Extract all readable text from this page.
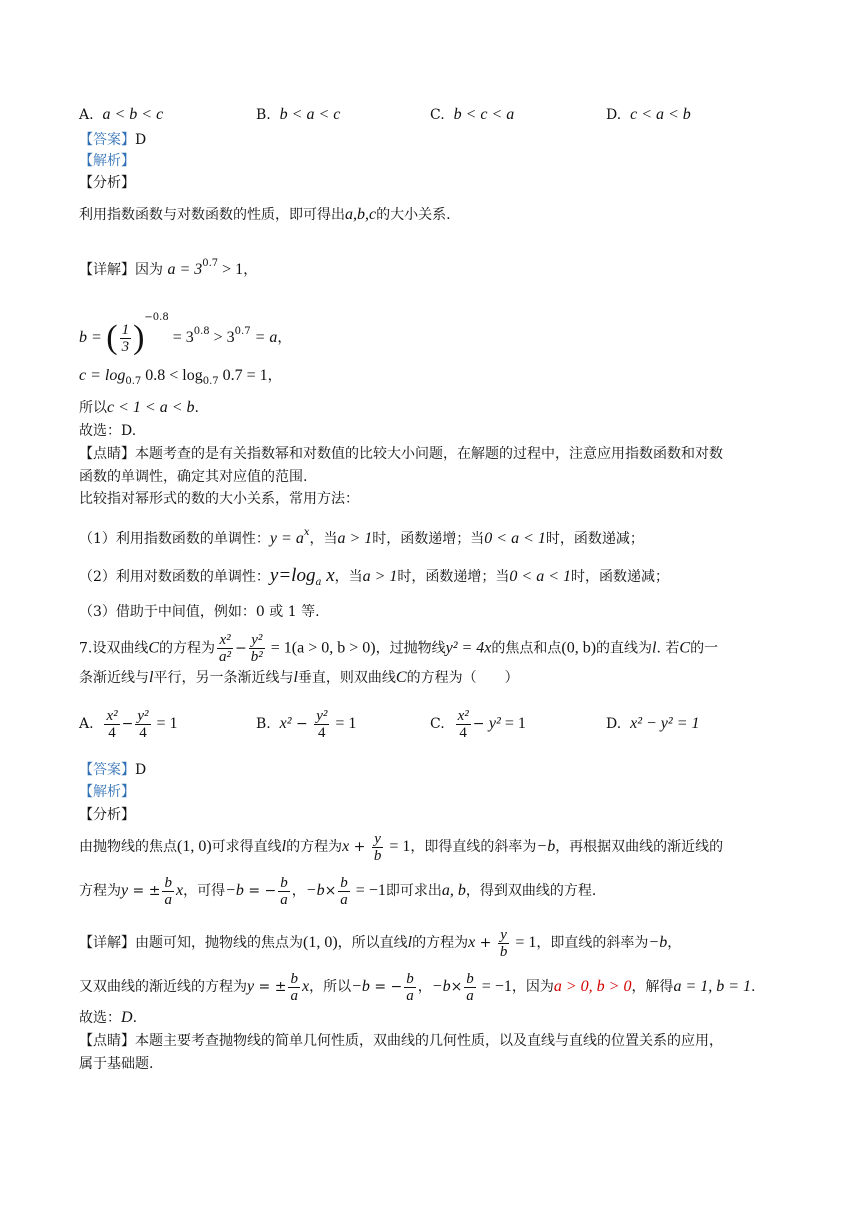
A. a < b < c	B. b < a < c	C. b < c < a	D. c < a < b
【答案】D
【解析】
【分析】
利用指数函数与对数函数的性质，即可得出a,b,c的大小关系.
【详解】因为 $a = 3^{0.7} > 1$，
b = ( $\frac{1}{3} )^{-0.8} = 3^{0.8} > 3^{0.7} = a$，
$c = \log_{0.7} 0.8 < \log_{0.7} 0.7 = 1$，
所以c < 1 < a < b.
故选：D.
【点睛】本题考查的是有关指数幂和对数值的比较大小问题，在解题的过程中，注意应用指数函数和对数
函数的单调性，确定其对应值的范围.
比较指对幂形式的数的大小关系，常用方法：
（1）利用指数函数的单调性：$y = a^x$，当a > 1时，函数递增；当0 < a < 1时，函数递减；
（2）利用对数函数的单调性：$y=\log_a$ x，当a > 1时，函数递增；当0 < a < 1时，函数递减；
（3）借助于中间值，例如：0 或 1 等.
7.设双曲线C的方程为 $\frac{\text{x²}}{\text{a²}} - \frac{\text{y²}}{\text{b²}} = 1(a > 0$, b > 0)，过抛物线y² = 4x的焦点和点(0, b)的直线为l. 若C的一
条渐近线与l平行，另一条渐近线与l垂直，则双曲线C的方程为（　　）
A. $\frac{\text{x²}}{4} - \frac{\text{y²}}{4} = 1$	B. $x^2 - \frac{\text{y²}}{4} = 1$	C. $\frac{\text{x²}}{4} - y^2 = 1$	D. x² − y² = 1
【答案】D
【解析】
【分析】
由抛物线的焦点(1, 0)可求得直线l的方程为$x + \frac{y}{b} = 1$，即得直线的斜率为−b，再根据双曲线的渐近线的
方程为y = ± $\frac{b}{a}$ x，可得−b = − $\frac{b}{a}$ ，$-b\times \frac{b}{a} = -1$即可求出a, b，得到双曲线的方程.
【详解】由题可知，抛物线的焦点为(1, 0)，所以直线l的方程为$x + \frac{y}{b} = 1$，即直线的斜率为−b，
又双曲线的渐近线的方程为y = ± $\frac{b}{a}$ x，所以−b = − $\frac{b}{a}$ ，$-b\times \frac{b}{a} = -1$，因为a > 0, b > 0，解得a = 1, b = 1.
故选：D.
【点睛】本题主要考查抛物线的简单几何性质，双曲线的几何性质，以及直线与直线的位置关系的应用，
属于基础题.
